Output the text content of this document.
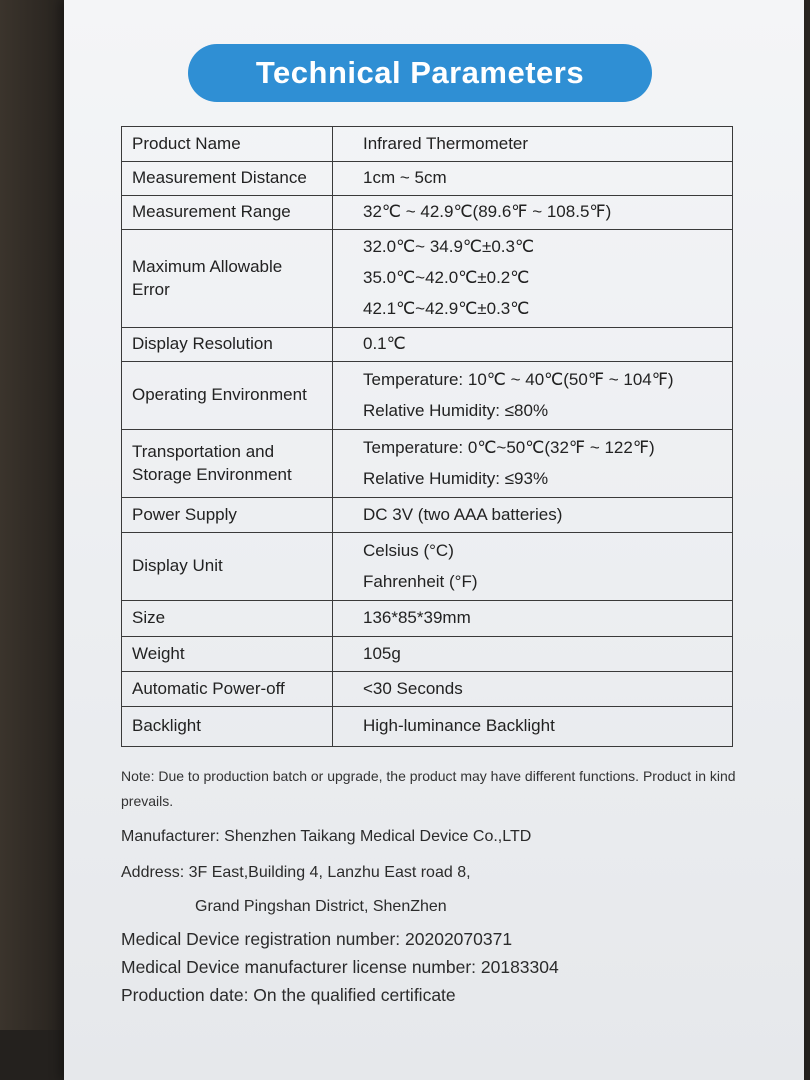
Technical Parameters
Product Name	Infrared Thermometer
Measurement Distance	1cm ~ 5cm
Measurement Range	32℃ ~ 42.9℃(89.6℉ ~ 108.5℉)
Maximum Allowable Error	32.0℃~ 34.9℃±0.3℃
35.0℃~42.0℃±0.2℃
42.1℃~42.9℃±0.3℃

Display Resolution	0.1℃
Operating Environment	Temperature: 10℃ ~ 40℃(50℉ ~ 104℉)
Relative Humidity: ≤80%

Transportation and Storage Environment	Temperature: 0℃~50℃(32℉ ~ 122℉)
Relative Humidity: ≤93%

Power Supply	DC 3V (two AAA batteries)
Display Unit	Celsius (°C)
Fahrenheit (°F)

Size	136*85*39mm
Weight	105g
Automatic Power-off	<30 Seconds
Backlight	High-luminance Backlight
Note: Due to production batch or upgrade, the product may have different functions. Product in kind prevails.
Manufacturer: Shenzhen Taikang Medical Device Co.,LTD
Address: 3F East,Building 4, Lanzhu East road 8,
Grand Pingshan District, ShenZhen
Medical Device registration number: 20202070371
Medical Device manufacturer license number: 20183304
Production date: On the qualified certificate
